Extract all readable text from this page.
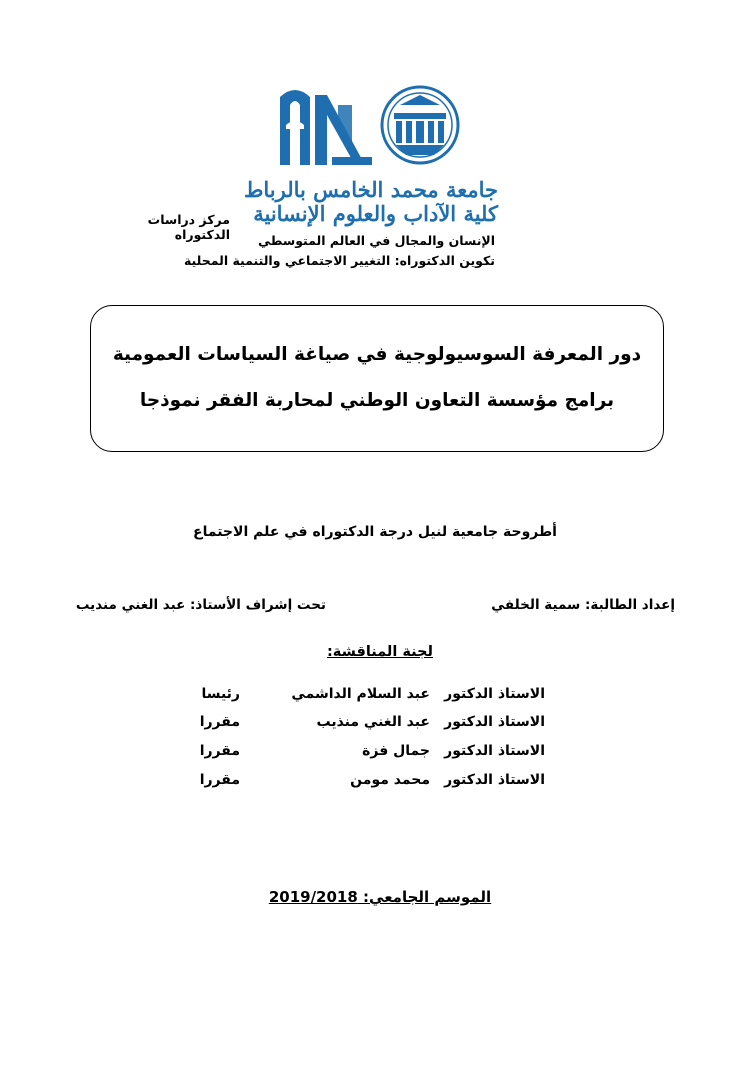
جامعة محمد الخامس بالرباط
كلية الآداب والعلوم الإنسانية
مركز دراسات الدكتوراه	الإنسان والمجال في العالم المتوسطي
تكوين الدكتوراه: التغيير الاجتماعي والتنمية المحلية
دور المعرفة السوسيولوجية في صياغة السياسات العمومية
برامج مؤسسة التعاون الوطني لمحاربة الفقر نموذجا
أطروحة جامعية لنيل درجة الدكتوراه في علم الاجتماع
إعداد الطالبة: سمية الخلفي
تحت إشراف الأستاذ: عبد الغني منديب
لجنة المناقشة:
الاستاذ الدكتور
عبد السلام الداشمي
رئيسا
الاستاذ الدكتور
عبد الغني منذيب
مقررا
الاستاذ الدكتور
جمال فزة
مقررا
الاستاذ الدكتور
محمد مومن
مقررا
الموسم الجامعي: 2019/2018
